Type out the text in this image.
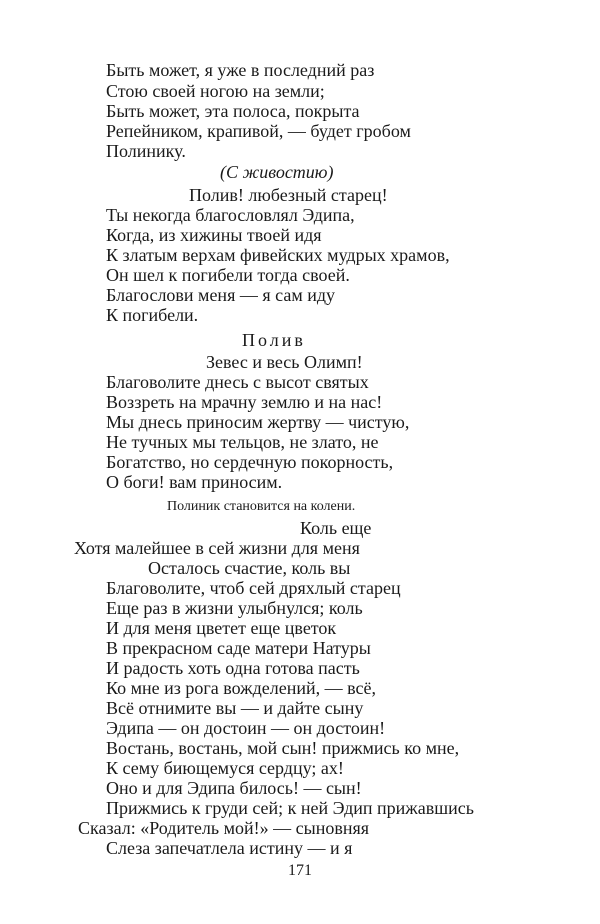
Быть может, я уже в последний раз
Стою своей ногою на земли;
Быть может, эта полоса, покрыта
Репейником, крапивой, — будет гробом
Полинику.
(С живостию)
Полив! любезный старец!
Ты некогда благословлял Эдипа,
Когда, из хижины твоей идя
К златым верхам фивейских мудрых храмов,
Он шел к погибели тогда своей.
Благослови меня — я сам иду
К погибели.
Полив
Зевес и весь Олимп!
Благоволите днесь с высот святых
Воззреть на мрачну землю и на нас!
Мы днесь приносим жертву — чистую,
Не тучных мы тельцов, не злато, не
Богатство, но сердечную покорность,
О боги! вам приносим.
Полиник становится на колени.
Коль еще
Хотя малейшее в сей жизни для меня
Осталось счастие, коль вы
Благоволите, чтоб сей дряхлый старец
Еще раз в жизни улыбнулся; коль
И для меня цветет еще цветок
В прекрасном саде матери Натуры
И радость хоть одна готова пасть
Ко мне из рога вожделений, — всё,
Всё отнимите вы — и дайте сыну
Эдипа — он достоин — он достоин!
Востань, востань, мой сын! прижмись ко мне,
К сему биющемуся сердцу; ах!
Оно и для Эдипа билось! — сын!
Прижмись к груди сей; к ней Эдип прижавшись
Сказал: «Родитель мой!» — сыновняя
Слеза запечатлела истину — и я
171
